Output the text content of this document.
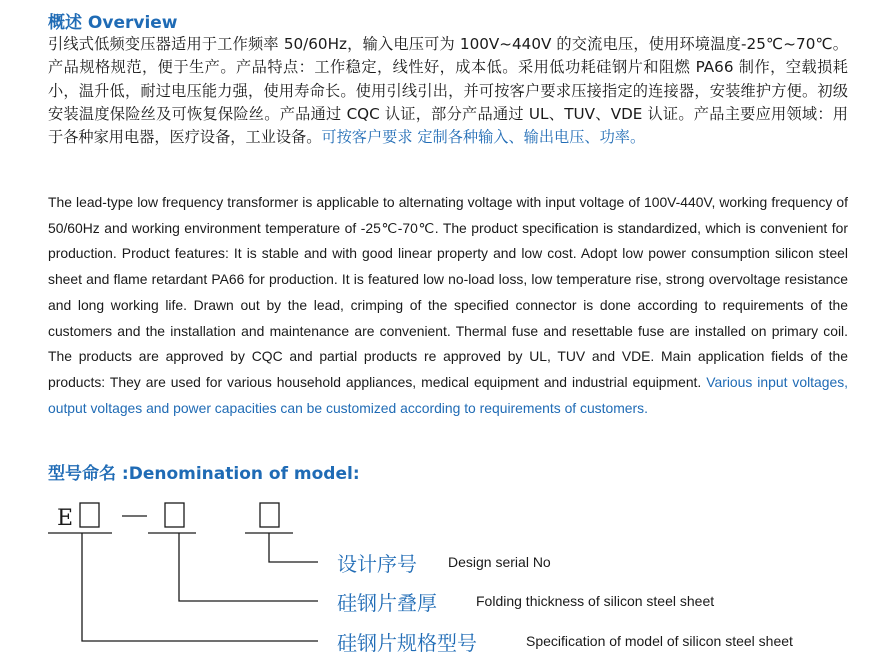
概述 Overview
引线式低频变压器适用于工作频率 50/60Hz，输入电压可为 100V~440V 的交流电压，使用环境温度-25℃~70℃。产品规格规范，便于生产。产品特点：工作稳定，线性好，成本低。采用低功耗硅钢片和阻燃 PA66 制作，空载损耗小，温升低，耐过电压能力强，使用寿命长。使用引线引出，并可按客户要求压接指定的连接器，安装维护方便。初级安装温度保险丝及可恢复保险丝。产品通过 CQC 认证，部分产品通过 UL、TUV、VDE 认证。产品主要应用领域：用于各种家用电器，医疗设备，工业设备。可按客户要求 定制各种输入、输出电压、功率。
The lead-type low frequency transformer is applicable to alternating voltage with input voltage of 100V-440V, working frequency of 50/60Hz and working environment temperature of -25℃-70℃. The product specification is standardized, which is convenient for production. Product features: It is stable and with good linear property and low cost. Adopt low power consumption silicon steel sheet and flame retardant PA66 for production. It is featured low no-load loss, low temperature rise, strong overvoltage resistance and long working life. Drawn out by the lead, crimping of the specified connector is done according to requirements of the customers and the installation and maintenance are convenient. Thermal fuse and resettable fuse are installed on primary coil. The products are approved by CQC and partial products re approved by UL, TUV and VDE. Main application fields of the products: They are used for various household appliances, medical equipment and industrial equipment. Various input voltages, output voltages and power capacities can be customized according to requirements of customers.
型号命名 :Denomination of model:
E
设计序号 Design serial No
硅钢片叠厚	Folding thickness of silicon steel sheet
硅钢片规格型号	Specification of model of silicon steel sheet
